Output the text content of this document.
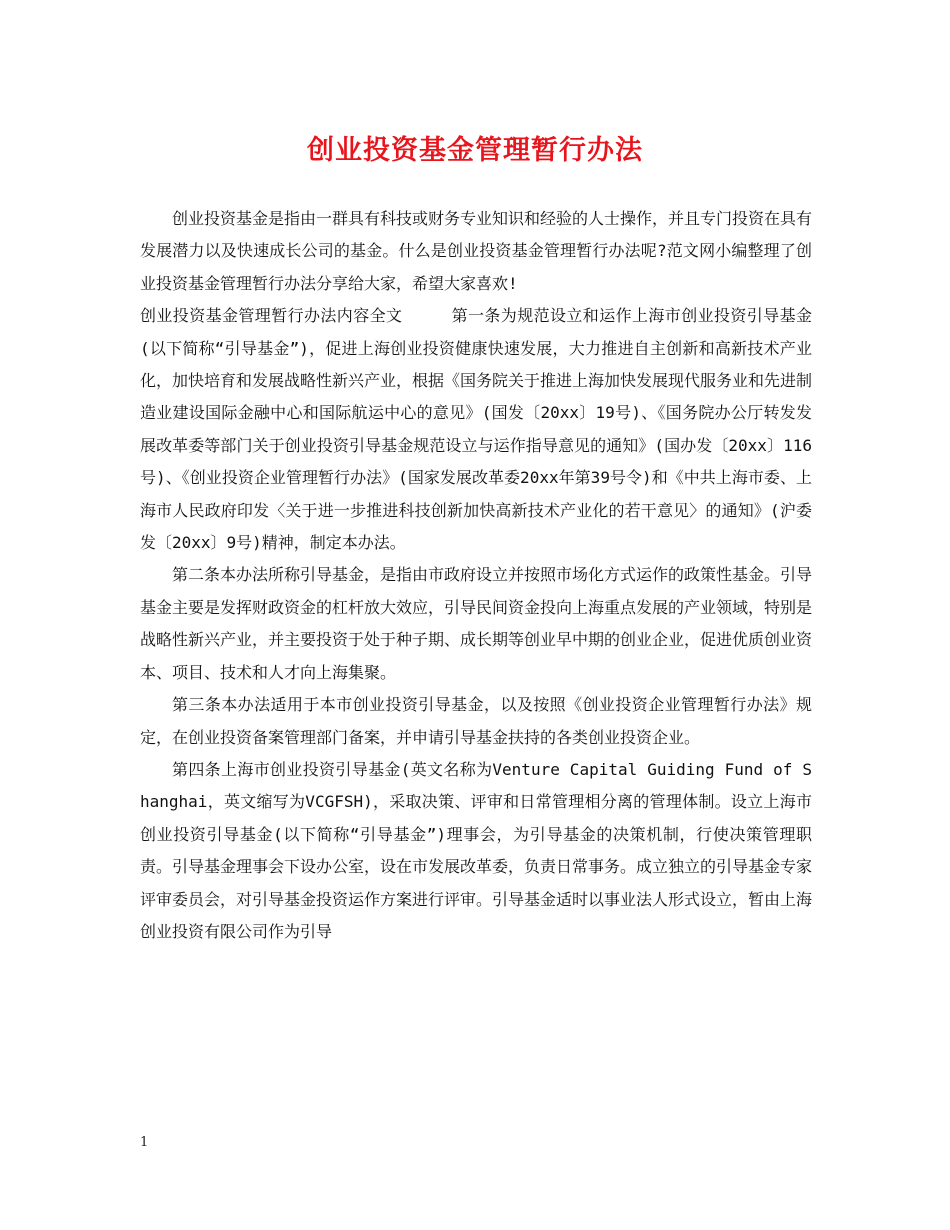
创业投资基金管理暂行办法

创业投资基金是指由一群具有科技或财务专业知识和经验的人士操作，并且专门投资在具有发展潜力以及快速成长公司的基金。什么是创业投资基金管理暂行办法呢?范文网小编整理了创业投资基金管理暂行办法分享给大家，希望大家喜欢!

创业投资基金管理暂行办法内容全文　　　第一条为规范设立和运作上海市创业投资引导基金(以下简称“引导基金”)，促进上海创业投资健康快速发展，大力推进自主创新和高新技术产业化，加快培育和发展战略性新兴产业，根据《国务院关于推进上海加快发展现代服务业和先进制造业建设国际金融中心和国际航运中心的意见》(国发〔20xx〕19号)、《国务院办公厅转发发展改革委等部门关于创业投资引导基金规范设立与运作指导意见的通知》(国办发〔20xx〕116号)、《创业投资企业管理暂行办法》(国家发展改革委20xx年第39号令)和《中共上海市委、上海市人民政府印发〈关于进一步推进科技创新加快高新技术产业化的若干意见〉的通知》(沪委发〔20xx〕9号)精神，制定本办法。

第二条本办法所称引导基金，是指由市政府设立并按照市场化方式运作的政策性基金。引导基金主要是发挥财政资金的杠杆放大效应，引导民间资金投向上海重点发展的产业领域，特别是战略性新兴产业，并主要投资于处于种子期、成长期等创业早中期的创业企业，促进优质创业资本、项目、技术和人才向上海集聚。

第三条本办法适用于本市创业投资引导基金，以及按照《创业投资企业管理暂行办法》规定，在创业投资备案管理部门备案，并申请引导基金扶持的各类创业投资企业。

第四条上海市创业投资引导基金(英文名称为Venture Capital Guiding Fund of Shanghai，英文缩写为VCGFSH)，采取决策、评审和日常管理相分离的管理体制。设立上海市创业投资引导基金(以下简称“引导基金”)理事会，为引导基金的决策机制，行使决策管理职责。引导基金理事会下设办公室，设在市发展改革委，负责日常事务。成立独立的引导基金专家评审委员会，对引导基金投资运作方案进行评审。引导基金适时以事业法人形式设立，暂由上海创业投资有限公司作为引导

1
